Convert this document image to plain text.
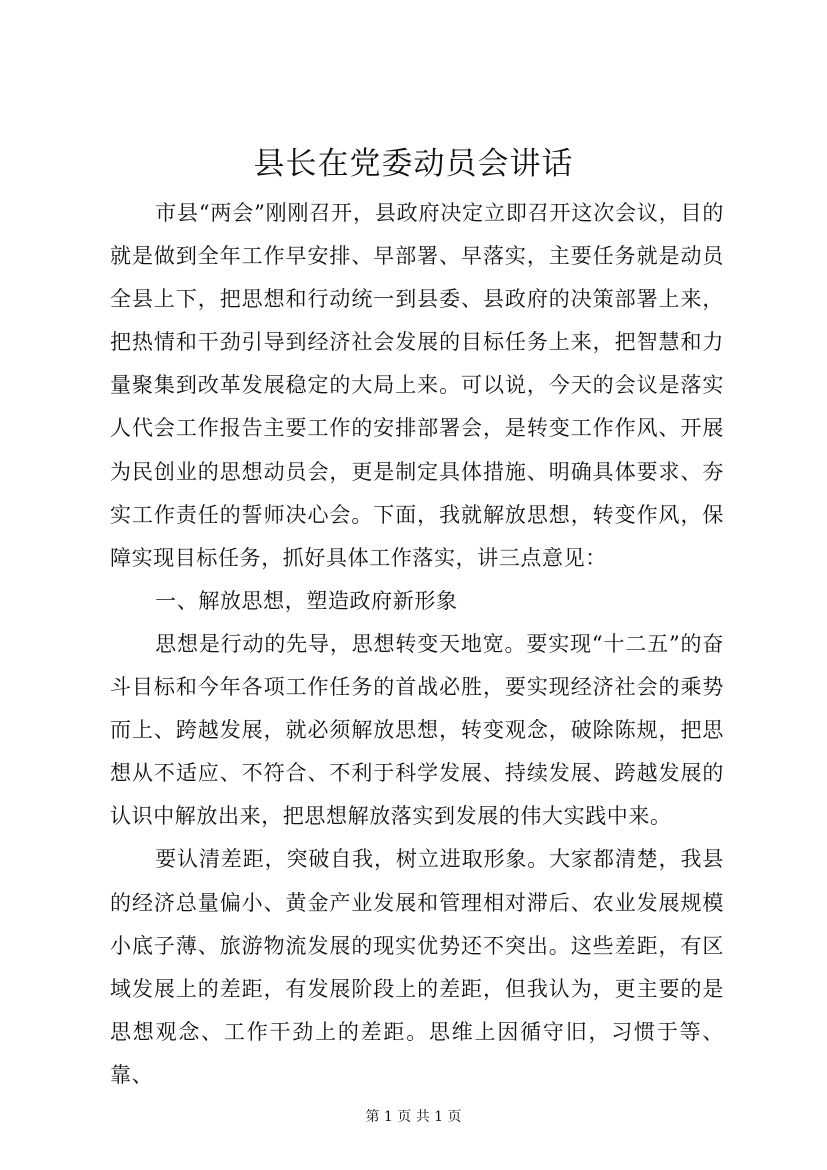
县长在党委动员会讲话

市县“两会”刚刚召开，县政府决定立即召开这次会议，目的就是做到全年工作早安排、早部署、早落实，主要任务就是动员全县上下，把思想和行动统一到县委、县政府的决策部署上来，把热情和干劲引导到经济社会发展的目标任务上来，把智慧和力量聚集到改革发展稳定的大局上来。可以说，今天的会议是落实人代会工作报告主要工作的安排部署会，是转变工作作风、开展为民创业的思想动员会，更是制定具体措施、明确具体要求、夯实工作责任的誓师决心会。下面，我就解放思想，转变作风，保障实现目标任务，抓好具体工作落实，讲三点意见：

一、解放思想，塑造政府新形象

思想是行动的先导，思想转变天地宽。要实现“十二五”的奋斗目标和今年各项工作任务的首战必胜，要实现经济社会的乘势而上、跨越发展，就必须解放思想，转变观念，破除陈规，把思想从不适应、不符合、不利于科学发展、持续发展、跨越发展的认识中解放出来，把思想解放落实到发展的伟大实践中来。

要认清差距，突破自我，树立进取形象。大家都清楚，我县的经济总量偏小、黄金产业发展和管理相对滞后、农业发展规模小底子薄、旅游物流发展的现实优势还不突出。这些差距，有区域发展上的差距，有发展阶段上的差距，但我认为，更主要的是思想观念、工作干劲上的差距。思维上因循守旧，习惯于等、靠、

第 1 页 共 1 页
